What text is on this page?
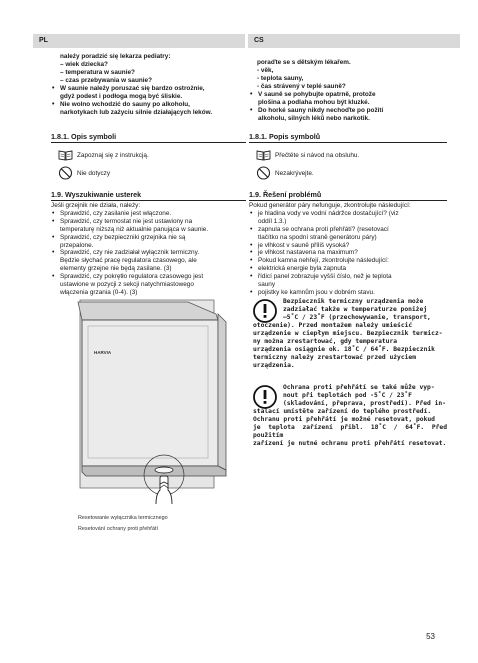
PL	CS
należy poradzić się lekarza pediatry:
– wiek dziecka?
– temperatura w saunie?
– czas przebywania w saunie?
• W saunie należy poruszać się bardzo ostrożnie,
gdyż podest i podłoga mogą być śliskie.
• Nie wolno wchodzić do sauny po alkoholu,
narkotykach lub zażyciu silnie działających leków.
poraďte se s dětským lékařem.
- věk,
- teplota sauny,
- čas strávený v teplé sauně?
• V sauně se pohybujte opatrně, protože
plošina a podlaha mohou být kluzké.
• Do horké sauny nikdy nechoďte po požití
alkoholu, silných léků nebo narkotik.
1.8.1. Opis symboli	1.8.1. Popis symbolů
Zapoznaj się z instrukcją.
Nie dotyczy
Přečtěte si návod na obsluhu.
Nezakrývejte.
1.9. Wyszukiwanie usterek	1.9. Řešení problémů
Jeśli grzejnik nie działa, należy:
• Sprawdzić, czy zasilanie jest włączone.
• Sprawdzić, czy termostat nie jest ustawiony na
temperaturę niższą niż aktualnie panująca w saunie.
• Sprawdzić, czy bezpieczniki grzejnika nie są
przepalone.
• Sprawdzić, czy nie zadziałał wyłącznik termiczny.
Będzie słychać pracę regulatora czasowego, ale
elementy grzejne nie będą zasilane. (3)
• Sprawdzić, czy pokrętło regulatora czasowego jest
ustawione w pozycji z sekcji natychmiastowego
włączenia grzania (0-4). (3)
Pokud generátor páry nefunguje, zkontrolujte následující:
• je hladina vody ve vodní nádržce dostačující? (viz
oddíl 1.3.)
• zapnula se ochrana proti přehřátí? (resetovací
tlačítko na spodní straně generátoru páry)
• je vlhkost v sauně příliš vysoká?
• je vlhkost nastavena na maximum?
• Pokud kamna nehřejí, zkontrolujte následující:
• elektrická energie byla zapnuta
• řídicí panel zobrazuje vyšší číslo, než je teplota
sauny
• pojistky ke kamnům jsou v dobrém stavu.
HARVIA
Resetowanie wyłącznika termicznego
Resetování ochrany proti přehřátí
Bezpiecznik termiczny urządzenia może
zadziałać także w temperaturze poniżej
–5˚C / 23˚F (przechowywanie, transport,
otoczenie). Przed montażem należy umieścić
urządzenie w ciepłym miejscu. Bezpiecznik termicz-
ny można zrestartować, gdy temperatura
urządzenia osiągnie ok. 18˚C / 64˚F. Bezpiecznik
termiczny należy zrestartować przed użyciem
urządzenia.
Ochrana proti přehřátí se také může vyp-
nout při teplotách pod -5˚C / 23˚F
(skladování, přeprava, prostředí). Před in-
stalací umístěte zařízení do teplého prostředí.
Ochranu proti přehřátí je možné resetovat, pokud
je teplota zařízení přibl. 18˚C / 64˚F. Před použitím
zařízení je nutné ochranu proti přehřátí resetovat.
53
